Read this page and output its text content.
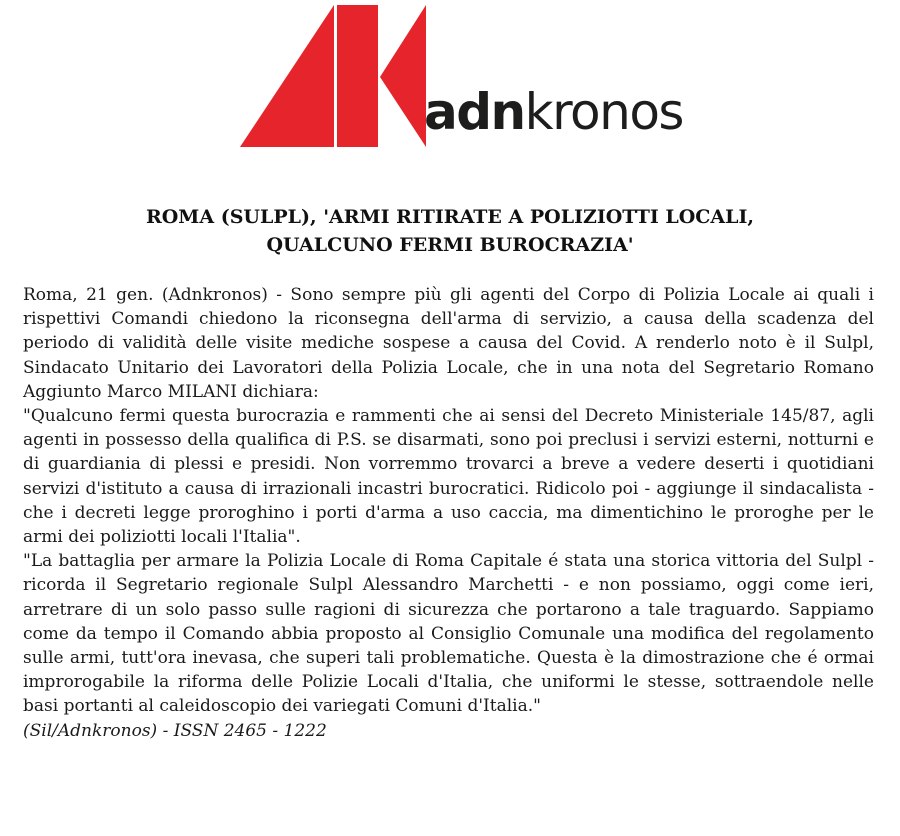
adnkronos
ROMA (SULPL), 'ARMI RITIRATE A POLIZIOTTI LOCALI,
QUALCUNO FERMI BUROCRAZIA'

Roma, 21 gen. (Adnkronos) - Sono sempre più gli agenti del Corpo di Polizia Locale ai quali i rispettivi Comandi chiedono la riconsegna dell'arma di servizio, a causa della scadenza del periodo di validità delle visite mediche sospese a causa del Covid. A renderlo noto è il Sulpl, Sindacato Unitario dei Lavoratori della Polizia Locale, che in una nota del Segretario Romano Aggiunto Marco MILANI dichiara:

"Qualcuno fermi questa burocrazia e rammenti che ai sensi del Decreto Ministeriale 145/87, agli agenti in possesso della qualifica di P.S. se disarmati, sono poi preclusi i servizi esterni, notturni e di guardiania di plessi e presidi. Non vorremmo trovarci a breve a vedere deserti i quotidiani servizi d'istituto a causa di irrazionali incastri burocratici. Ridicolo poi - aggiunge il sindacalista - che i decreti legge proroghino i porti d'arma a uso caccia, ma dimentichino le proroghe per le armi dei poliziotti locali l'Italia".

"La battaglia per armare la Polizia Locale di Roma Capitale é stata una storica vittoria del Sulpl - ricorda il Segretario regionale Sulpl Alessandro Marchetti - e non possiamo, oggi come ieri, arretrare di un solo passo sulle ragioni di sicurezza che portarono a tale traguardo. Sappiamo come da tempo il Comando abbia proposto al Consiglio Comunale una modifica del regolamento sulle armi, tutt'ora inevasa, che superi tali problematiche. Questa è la dimostrazione che é ormai improrogabile la riforma delle Polizie Locali d'Italia, che uniformi le stesse, sottraendole nelle basi portanti al caleidoscopio dei variegati Comuni d'Italia."

(Sil/Adnkronos) - ISSN 2465 - 1222
